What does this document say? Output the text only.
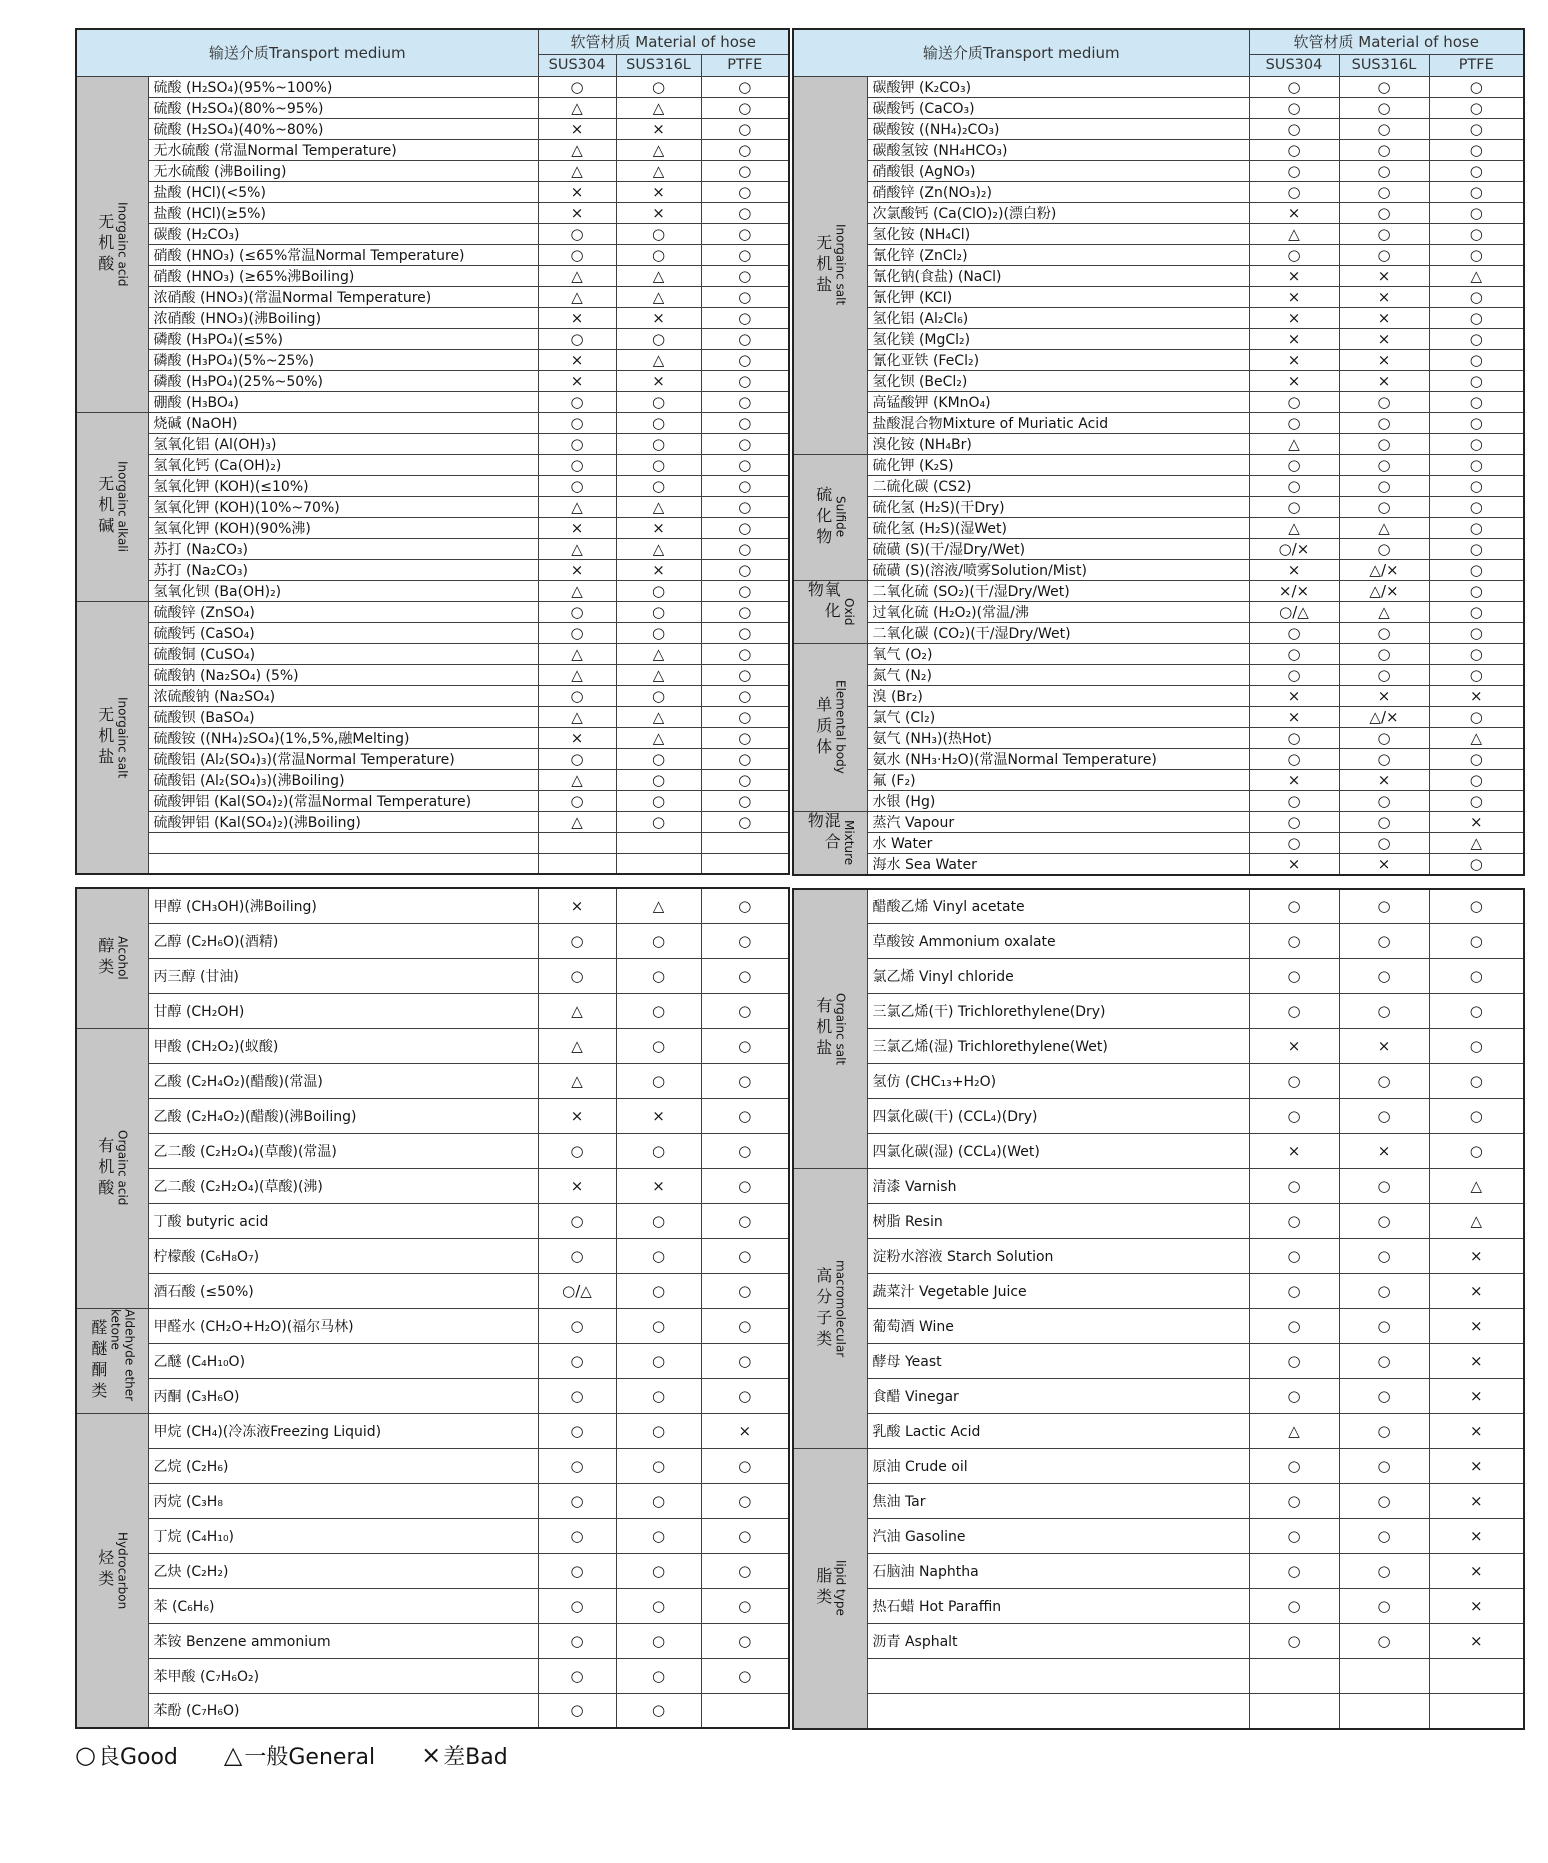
输送介质Transport medium		软管材质 Material of hose		
		SUS304	SUS316L	PTFE

无机酸 Inorgainc acid	硫酸 (H₂SO₄)(95%~100%)	○	○	○
	硫酸 (H₂SO₄)(80%~95%)	△	△	○
	硫酸 (H₂SO₄)(40%~80%)	×	×	○
	无水硫酸 (常温Normal Temperature)	△	△	○
	无水硫酸 (沸Boiling)	△	△	○
	盐酸 (HCl)(<5%)	×	×	○
	盐酸 (HCl)(≥5%)	×	×	○
	碳酸 (H₂CO₃)	○	○	○
	硝酸 (HNO₃) (≤65%常温Normal Temperature)	○	○	○
	硝酸 (HNO₃) (≥65%沸Boiling)	△	△	○
	浓硝酸 (HNO₃)(常温Normal Temperature)	△	△	○
	浓硝酸 (HNO₃)(沸Boiling)	×	×	○
	磷酸 (H₃PO₄)(≤5%)	○	○	○
	磷酸 (H₃PO₄)(5%~25%)	×	△	○
	磷酸 (H₃PO₄)(25%~50%)	×	×	○
	硼酸 (H₃BO₄)	○	○	○

无机碱 Inorgainc alkali	烧碱 (NaOH)	○	○	○
	氢氧化铝 (Al(OH)₃)	○	○	○
	氢氧化钙 (Ca(OH)₂)	○	○	○
	氢氧化钾 (KOH)(≤10%)	○	○	○
	氢氧化钾 (KOH)(10%~70%)	△	△	○
	氢氧化钾 (KOH)(90%沸)	×	×	○
	苏打 (Na₂CO₃)	△	△	○
	苏打 (Na₂CO₃)	×	×	○
	氢氧化钡 (Ba(OH)₂)	△	○	○

无机盐 Inorgainc salt	硫酸锌 (ZnSO₄)	○	○	○
	硫酸钙 (CaSO₄)	○	○	○
	硫酸铜 (CuSO₄)	△	△	○
	硫酸钠 (Na₂SO₄) (5%)	△	△	○
	浓硫酸钠 (Na₂SO₄)	○	○	○
	硫酸钡 (BaSO₄)	△	△	○
	硫酸铵 ((NH₄)₂SO₄)(1%,5%,融Melting)	×	△	○
	硫酸铝 (Al₂(SO₄)₃)(常温Normal Temperature)	○	○	○
	硫酸铝 (Al₂(SO₄)₃)(沸Boiling)	△	○	○
	硫酸钾铝 (Kal(SO₄)₂)(常温Normal Temperature)	○	○	○
	硫酸钾铝 (Kal(SO₄)₂)(沸Boiling)	△	○	○

醇类 Alcohol	甲醇 (CH₃OH)(沸Boiling)	×	△	○
	乙醇 (C₂H₆O)(酒精)	○	○	○
	丙三醇 (甘油)	○	○	○
	甘醇 (CH₂OH)	△	○	○

有机酸 Orgainc acid	甲酸 (CH₂O₂)(蚁酸)	△	○	○
	乙酸 (C₂H₄O₂)(醋酸)(常温)	△	○	○
	乙酸 (C₂H₄O₂)(醋酸)(沸Boiling)	×	×	○
	乙二酸 (C₂H₂O₄)(草酸)(常温)	○	○	○
	乙二酸 (C₂H₂O₄)(草酸)(沸)	×	×	○
	丁酸 butyric acid	○	○	○
	柠檬酸 (C₆H₈O₇)	○	○	○
	酒石酸 (≤50%)	○/△	○	○

醛醚酮类 Aldehyde ether ketone	甲醛水 (CH₂O+H₂O)(福尔马林)	○	○	○
	乙醚 (C₄H₁₀O)	○	○	○
	丙酮 (C₃H₆O)	○	○	○

烃类 Hydrocarbon	甲烷 (CH₄)(冷冻液Freezing Liquid)	○	○	×
	乙烷 (C₂H₆)	○	○	○
	丙烷 (C₃H₈	○	○	○
	丁烷 (C₄H₁₀)	○	○	○
	乙炔 (C₂H₂)	○	○	○
	苯 (C₆H₆)	○	○	○
	苯铵 Benzene ammonium	○	○	○
	苯甲酸 (C₇H₆O₂)	○	○	○
	苯酚 (C₇H₆O)	○	○	
输送介质Transport medium		软管材质 Material of hose		
		SUS304	SUS316L	PTFE

无机盐 Inorgainc salt	碳酸钾 (K₂CO₃)	○	○	○
	碳酸钙 (CaCO₃)	○	○	○
	碳酸铵 ((NH₄)₂CO₃)	○	○	○
	碳酸氢铵 (NH₄HCO₃)	○	○	○
	硝酸银 (AgNO₃)	○	○	○
	硝酸锌 (Zn(NO₃)₂)	○	○	○
	次氯酸钙 (Ca(ClO)₂)(漂白粉)	×	○	○
	氢化铵 (NH₄Cl)	△	○	○
	氰化锌 (ZnCl₂)	○	○	○
	氰化钠(食盐) (NaCl)	×	×	△
	氰化钾 (KCI)	×	×	○
	氢化铝 (Al₂Cl₆)	×	×	○
	氢化镁 (MgCl₂)	×	×	○
	氰化亚铁 (FeCl₂)	×	×	○
	氢化钡 (BeCl₂)	×	×	○
	高锰酸钾 (KMnO₄)	○	○	○
	盐酸混合物Mixture of Muriatic Acid	○	○	○
	溴化铵 (NH₄Br)	△	○	○

硫化物 Sulfide	硫化钾 (K₂S)	○	○	○
	二硫化碳 (CS2)	○	○	○
	硫化氢 (H₂S)(干Dry)	○	○	○
	硫化氢 (H₂S)(湿Wet)	△	△	○
	硫磺 (S)(干/湿Dry/Wet)	○/×	○	○
	硫磺 (S)(溶液/喷雾Solution/Mist)	×	△/×	○

氧化物
Oxid	二氧化硫 (SO₂)(干/湿Dry/Wet)	×/×	△/×	○
	过氧化硫 (H₂O₂)(常温/沸	○/△	△	○
	二氧化碳 (CO₂)(干/湿Dry/Wet)	○	○	○

单质体 Elemental body	氧气 (O₂)	○	○	○
	氮气 (N₂)	○	○	○
	溴 (Br₂)	×	×	×
	氯气 (Cl₂)	×	△/×	○
	氨气 (NH₃)(热Hot)	○	○	△
	氨水 (NH₃·H₂O)(常温Normal Temperature)	○	○	○
	氟 (F₂)	×	×	○
	水银 (Hg)	○	○	○

混合物 Mixture	蒸汽 Vapour	○	○	×
	水 Water	○	○	△
	海水 Sea Water	×	×	○
有机盐 Orgainc salt	醋酸乙烯 Vinyl acetate	○	○	○
	草酸铵 Ammonium oxalate	○	○	○
	氯乙烯 Vinyl chloride	○	○	○
	三氯乙烯(干) Trichlorethylene(Dry)	○	○	○
	三氯乙烯(湿) Trichlorethylene(Wet)	×	×	○
	氢仿 (CHC₁₃+H₂O)	○	○	○
	四氯化碳(干) (CCL₄)(Dry)	○	○	○
	四氯化碳(湿) (CCL₄)(Wet)	×	×	○

高分子类 macromolecular	清漆 Varnish	○	○	△
	树脂 Resin	○	○	△
	淀粉水溶液 Starch Solution	○	○	×
	蔬菜汁 Vegetable Juice	○	○	×
	葡萄酒 Wine	○	○	×
	酵母 Yeast	○	○	×
	食醋 Vinegar	○	○	×
	乳酸 Lactic Acid	△	○	×

脂类 lipid type	原油 Crude oil	○	○	×
	焦油 Tar	○	○	×
	汽油 Gasoline	○	○	×
	石脑油 Naphtha	○	○	×
	热石蜡 Hot Paraffin	○	○	×
	沥青 Asphalt	○	○	×

○ 良Good △ 一般General × 差Bad
